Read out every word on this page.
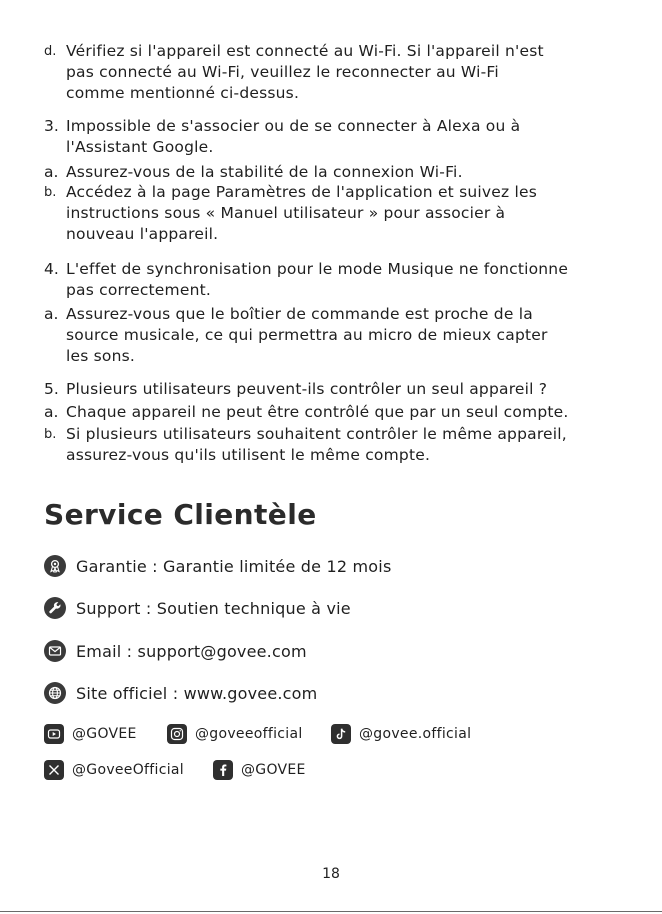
d. Vérifiez si l'appareil est connecté au Wi-Fi. Si l'appareil n'est
pas connecté au Wi-Fi, veuillez le reconnecter au Wi-Fi
comme mentionné ci-dessus.
3. Impossible de s'associer ou de se connecter à Alexa ou à
l'Assistant Google.
a. Assurez-vous de la stabilité de la connexion Wi-Fi.
b. Accédez à la page Paramètres de l'application et suivez les
instructions sous « Manuel utilisateur » pour associer à
nouveau l'appareil.
4. L'effet de synchronisation pour le mode Musique ne fonctionne
pas correctement.
a. Assurez-vous que le boîtier de commande est proche de la
source musicale, ce qui permettra au micro de mieux capter
les sons.
5. Plusieurs utilisateurs peuvent-ils contrôler un seul appareil ?
a. Chaque appareil ne peut être contrôlé que par un seul compte.
b. Si plusieurs utilisateurs souhaitent contrôler le même appareil,
assurez-vous qu'ils utilisent le même compte.
Service Clientèle
Garantie : Garantie limitée de 12 mois
Support : Soutien technique à vie
Email : support@govee.com
Site officiel : www.govee.com
@GOVEE	@goveeofficial	@govee.official
@GoveeOfficial	@GOVEE
18
